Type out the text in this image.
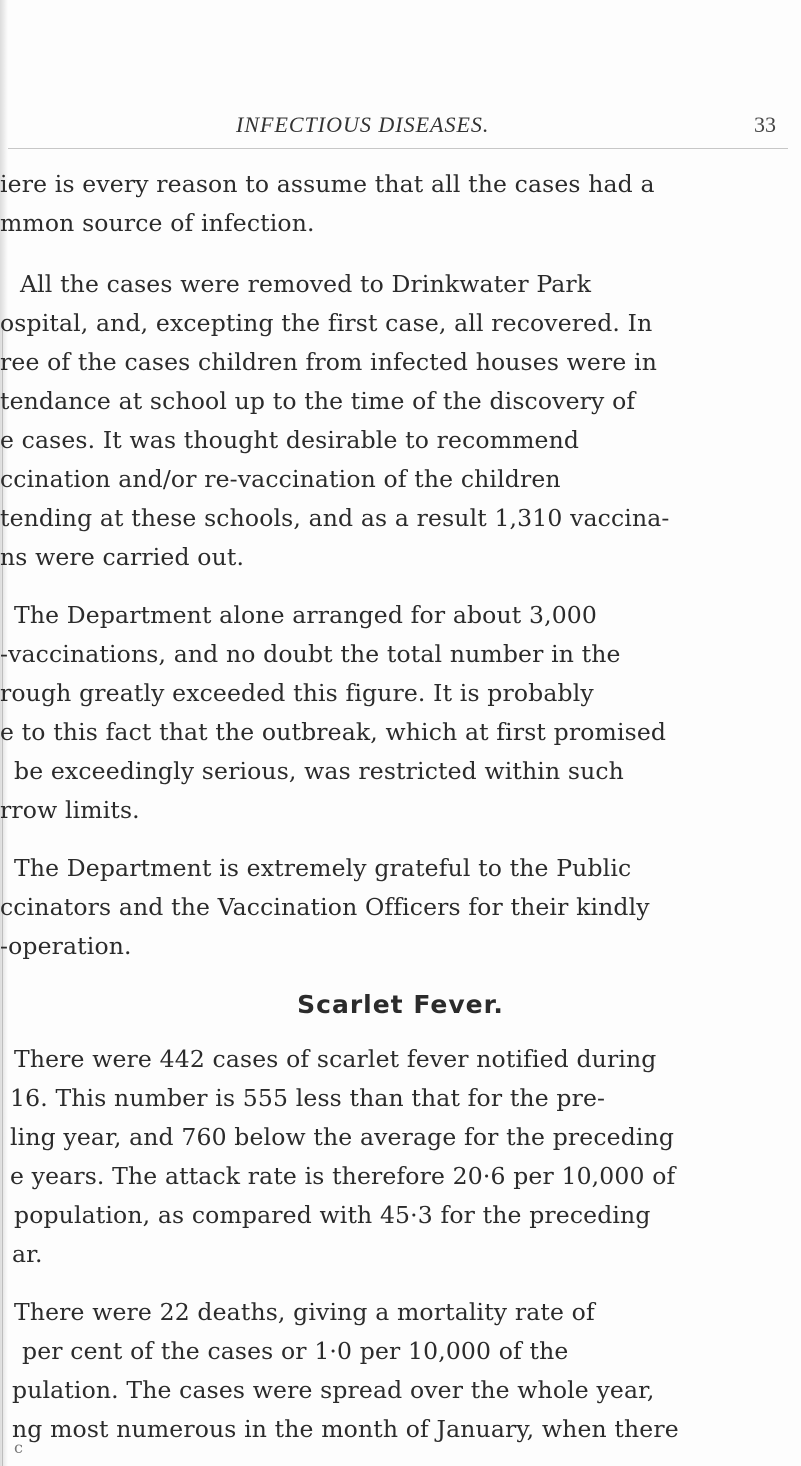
INFECTIOUS DISEASES.	33
iere is every reason to assume that all the cases had a
mmon source of infection.
All the cases were removed to Drinkwater Park
ospital, and, excepting the first case, all recovered. In
ree of the cases children from infected houses were in
tendance at school up to the time of the discovery of
e cases. It was thought desirable to recommend
ccination and/or re-vaccination of the children
tending at these schools, and as a result 1,310 vaccina-
ns were carried out.
The Department alone arranged for about 3,000
-vaccinations, and no doubt the total number in the
rough greatly exceeded this figure. It is probably
e to this fact that the outbreak, which at first promised
be exceedingly serious, was restricted within such
rrow limits.
The Department is extremely grateful to the Public
ccinators and the Vaccination Officers for their kindly
-operation.
Scarlet Fever.
There were 442 cases of scarlet fever notified during
16. This number is 555 less than that for the pre-
ling year, and 760 below the average for the preceding
e years. The attack rate is therefore 20·6 per 10,000 of
population, as compared with 45·3 for the preceding
ar.
There were 22 deaths, giving a mortality rate of
per cent of the cases or 1·0 per 10,000 of the
pulation. The cases were spread over the whole year,
ng most numerous in the month of January, when there
c
